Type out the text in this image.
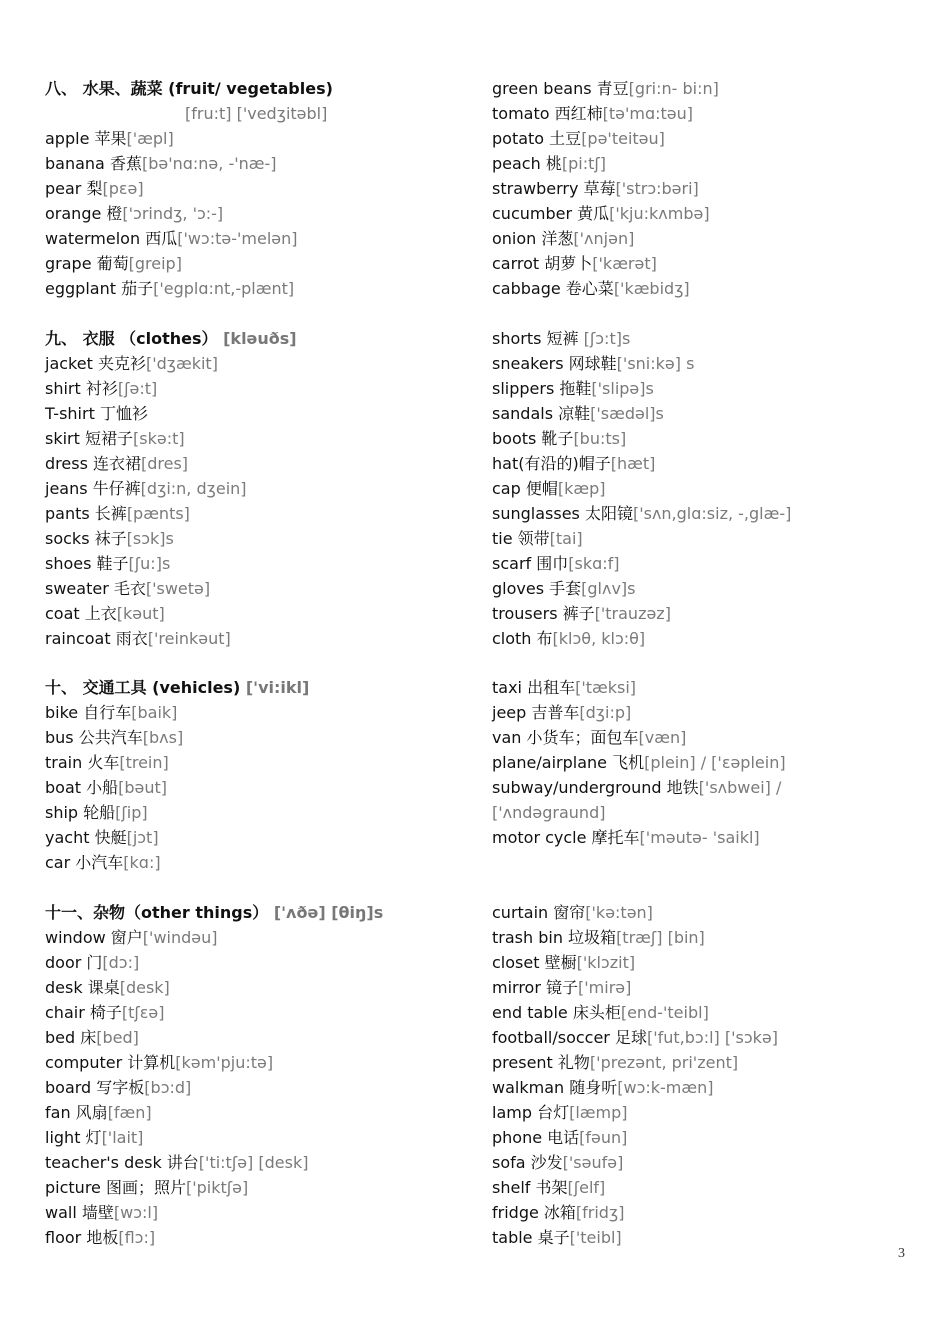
八、 水果、蔬菜 (fruit/ vegetables)
[fru:t] ['vedʒitəbl]
apple 苹果['æpl]
banana 香蕉[bə'nɑ:nə, -'næ-]
pear 梨[pɛə]
orange 橙['ɔrindʒ, 'ɔ:-]
watermelon 西瓜['wɔ:tə-'melən]
grape 葡萄[greip]
eggplant 茄子['egplɑ:nt,-plænt]
九、 衣服 （clothes） [kləuðs]
jacket 夹克衫['dʒækit]
shirt 衬衫[ʃə:t]
T-shirt 丁恤衫
skirt 短裙子[skə:t]
dress 连衣裙[dres]
jeans 牛仔裤[dʒi:n, dʒein]
pants 长裤[pænts]
socks 袜子[sɔk]s
shoes 鞋子[ʃu:]s
sweater 毛衣['swetə]
coat 上衣[kəut]
raincoat 雨衣['reinkəut]
十、 交通工具 (vehicles) ['vi:ikl]
bike 自行车[baik]
bus 公共汽车[bʌs]
train 火车[trein]
boat 小船[bəut]
ship 轮船[ʃip]
yacht 快艇[jɔt]
car 小汽车[kɑ:]
十一、杂物（other things） ['ʌðə] [θiŋ]s
window 窗户['windəu]
door 门[dɔ:]
desk 课桌[desk]
chair 椅子[tʃɛə]
bed 床[bed]
computer 计算机[kəm'pju:tə]
board 写字板[bɔ:d]
fan 风扇[fæn]
light 灯['lait]
teacher's desk 讲台['ti:tʃə] [desk]
picture 图画；照片['piktʃə]
wall 墙壁[wɔ:l]
floor 地板[flɔ:]
green beans 青豆[gri:n- bi:n]
tomato 西红柿[tə'mɑ:təu]
potato 土豆[pə'teitəu]
peach 桃[pi:tʃ]
strawberry 草莓['strɔ:bəri]
cucumber 黄瓜['kju:kʌmbə]
onion 洋葱['ʌnjən]
carrot 胡萝卜['kærət]
cabbage 卷心菜['kæbidʒ]
shorts 短裤 [ʃɔ:t]s
sneakers 网球鞋['sni:kə] s
slippers 拖鞋['slipə]s
sandals 凉鞋['sædəl]s
boots 靴子[bu:ts]
hat(有沿的)帽子[hæt]
cap 便帽[kæp]
sunglasses 太阳镜['sʌn,glɑ:siz, -,glæ-]
tie 领带[tai]
scarf 围巾[skɑ:f]
gloves 手套[glʌv]s
trousers 裤子['trauzəz]
cloth 布[klɔθ, klɔ:θ]
taxi 出租车['tæksi]
jeep 吉普车[dʒi:p]
van 小货车；面包车[væn]
plane/airplane 飞机[plein] / ['ɛəplein]
subway/underground 地铁['sʌbwei] /
['ʌndəgraund]
motor cycle 摩托车['məutə- 'saikl]
curtain 窗帘['kə:tən]
trash bin 垃圾箱[træʃ] [bin]
closet 壁橱['klɔzit]
mirror 镜子['mirə]
end table 床头柜[end-'teibl]
football/soccer 足球['fut,bɔ:l] ['sɔkə]
present 礼物['prezənt, pri'zent]
walkman 随身听[wɔ:k-mæn]
lamp 台灯[læmp]
phone 电话[fəun]
sofa 沙发['səufə]
shelf 书架[ʃelf]
fridge 冰箱[fridʒ]
table 桌子['teibl]
3
